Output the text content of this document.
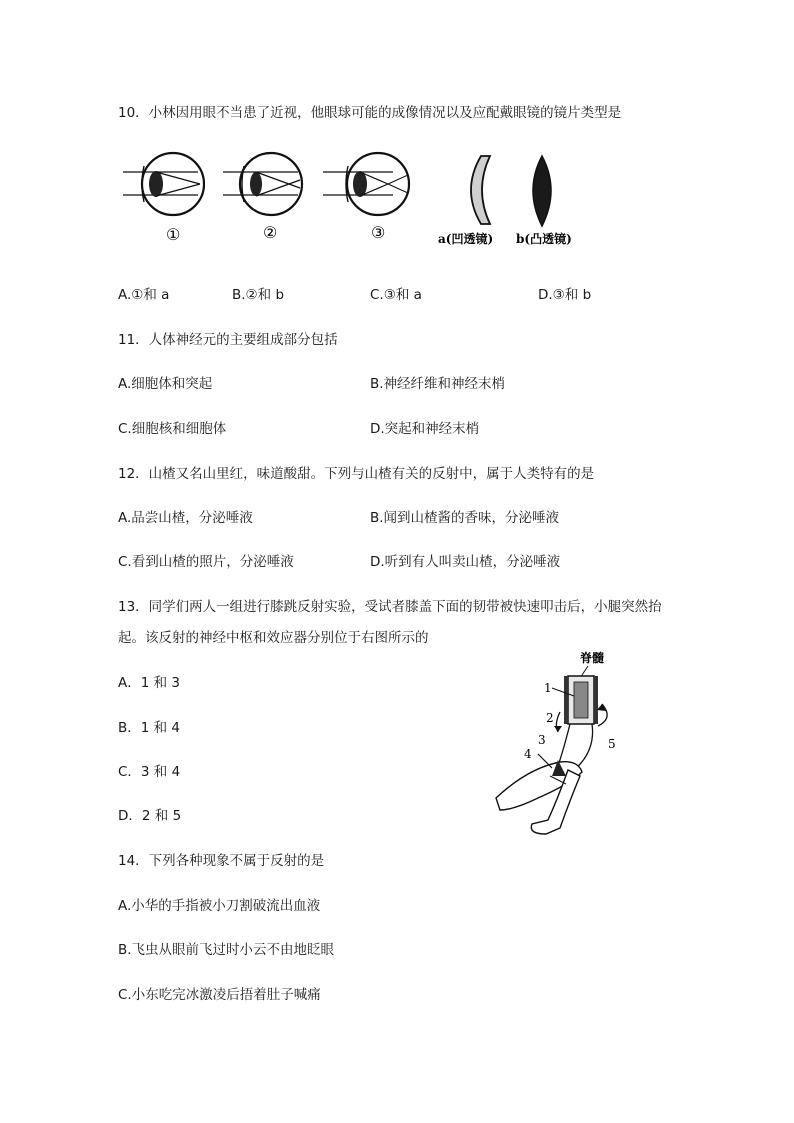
10．小林因用眼不当患了近视，他眼球可能的成像情况以及应配戴眼镜的镜片类型是
①	②	③	a(凹透镜) b(凸透镜)
A.①和 a	B.②和 b	C.③和 a	D.③和 b
11．人体神经元的主要组成部分包括
A.细胞体和突起	B.神经纤维和神经末梢
C.细胞核和细胞体	D.突起和神经末梢
12．山楂又名山里红，味道酸甜。下列与山楂有关的反射中，属于人类特有的是
A.品尝山楂，分泌唾液	B.闻到山楂酱的香味，分泌唾液
C.看到山楂的照片，分泌唾液	D.听到有人叫卖山楂，分泌唾液
13．同学们两人一组进行膝跳反射实验，受试者膝盖下面的韧带被快速叩击后，小腿突然抬
起。该反射的神经中枢和效应器分别位于右图所示的
A．1 和 3
B．1 和 4
C．3 和 4
D．2 和 5
脊髓
1
2
3
4
5
14．下列各种现象不属于反射的是
A.小华的手指被小刀割破流出血液
B.飞虫从眼前飞过时小云不由地眨眼
C.小东吃完冰激凌后捂着肚子喊痛
